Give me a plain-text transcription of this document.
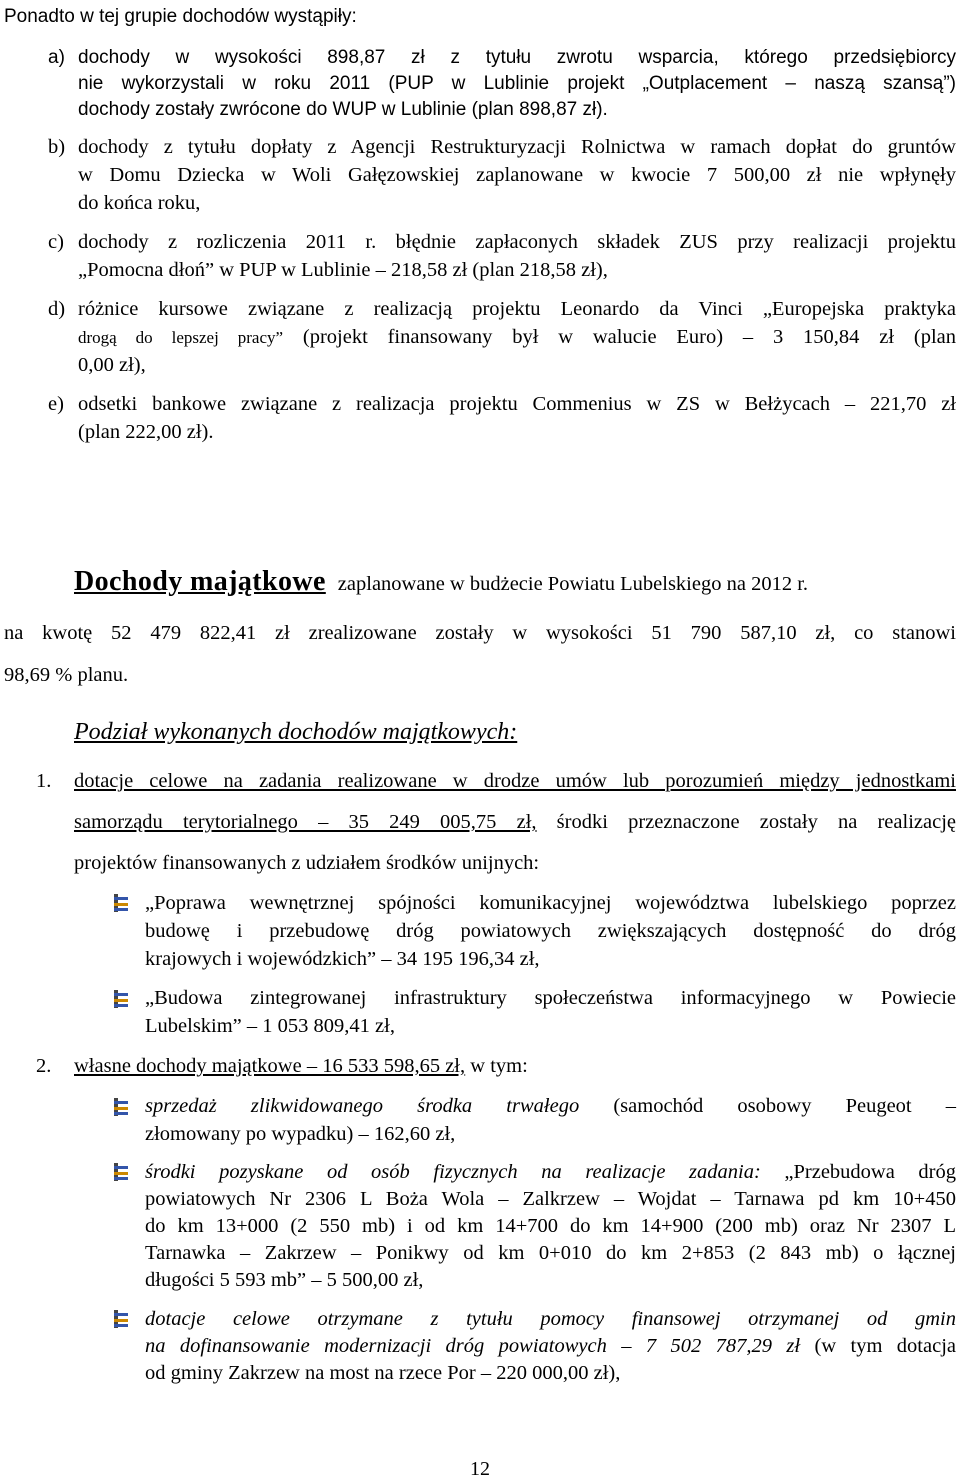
Ponadto w tej grupie dochodów wystąpiły:
a) dochody w wysokości 898,87 zł z tytułu zwrotu wsparcia, którego przedsiębiorcy
nie wykorzystali w roku 2011 (PUP w Lublinie projekt „Outplacement – naszą szansą”)
dochody zostały zwrócone do WUP w Lublinie (plan 898,87 zł).
b) dochody z tytułu dopłaty z Agencji Restrukturyzacji Rolnictwa w ramach dopłat do gruntów
w Domu Dziecka w Woli Gałęzowskiej zaplanowane w kwocie 7 500,00 zł nie wpłynęły
do końca roku,
c) dochody z rozliczenia 2011 r. błędnie zapłaconych składek ZUS przy realizacji projektu
„Pomocna dłoń” w PUP w Lublinie – 218,58 zł (plan 218,58 zł),
d) różnice kursowe związane z realizacją projektu Leonardo da Vinci „Europejska praktyka
drogą do lepszej pracy” (projekt finansowany był w walucie Euro) – 3 150,84 zł (plan
0,00 zł),
e) odsetki bankowe związane z realizacja projektu Commenius w ZS w Bełżycach – 221,70 zł
(plan 222,00 zł).
Dochody majątkowe zaplanowane w budżecie Powiatu Lubelskiego na 2012 r.
na kwotę 52 479 822,41 zł zrealizowane zostały w wysokości 51 790 587,10 zł, co stanowi
98,69 % planu.
Podział wykonanych dochodów majątkowych:
1. dotacje celowe na zadania realizowane w drodze umów lub porozumień między jednostkami
samorządu terytorialnego – 35 249 005,75 zł, środki przeznaczone zostały na realizację
projektów finansowanych z udziałem środków unijnych:
„Poprawa wewnętrznej spójności komunikacyjnej województwa lubelskiego poprzez
budowę i przebudowę dróg powiatowych zwiększających dostępność do dróg
krajowych i wojewódzkich” – 34 195 196,34 zł,
„Budowa zintegrowanej infrastruktury społeczeństwa informacyjnego w Powiecie
Lubelskim” – 1 053 809,41 zł,
2. własne dochody majątkowe – 16 533 598,65 zł, w tym:
sprzedaż zlikwidowanego środka trwałego (samochód osobowy Peugeot –
złomowany po wypadku) – 162,60 zł,
środki pozyskane od osób fizycznych na realizacje zadania: „Przebudowa dróg
powiatowych Nr 2306 L Boża Wola – Zalkrzew – Wojdat – Tarnawa pd km 10+450
do km 13+000 (2 550 mb) i od km 14+700 do km 14+900 (200 mb) oraz Nr 2307 L
Tarnawka – Zakrzew – Ponikwy od km 0+010 do km 2+853 (2 843 mb) o łącznej
długości 5 593 mb” – 5 500,00 zł,
dotacje celowe otrzymane z tytułu pomocy finansowej otrzymanej od gmin
na dofinansowanie modernizacji dróg powiatowych – 7 502 787,29 zł (w tym dotacja
od gminy Zakrzew na most na rzece Por – 220 000,00 zł),
12
